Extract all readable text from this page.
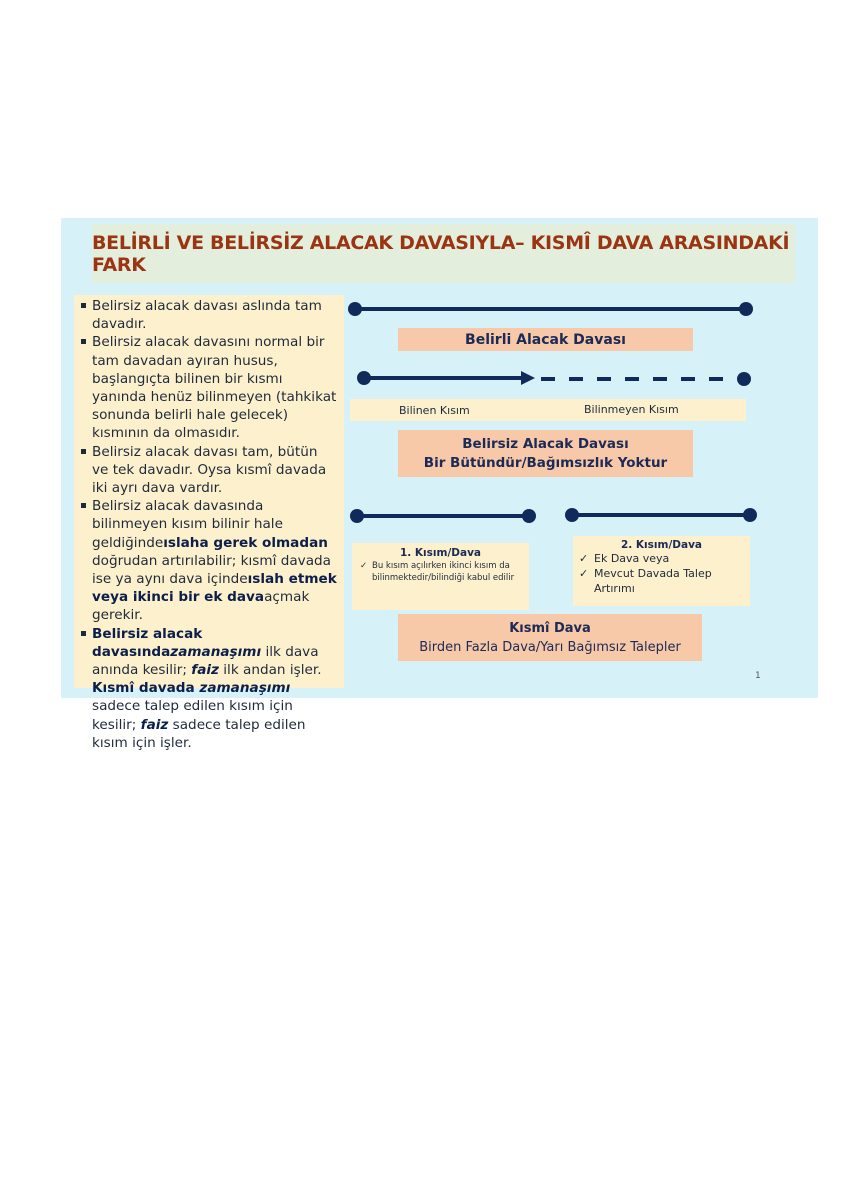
BELİRLİ VE BELİRSİZ ALACAK DAVASIYLA– KISMÎ DAVA ARASINDAKİ FARK
Belirsiz alacak davası aslında tam davadır.
Belirsiz alacak davasını normal bir tam davadan ayıran husus, başlangıçta bilinen bir kısmı yanında henüz bilinmeyen (tahkikat sonunda belirli hale gelecek) kısmının da olmasıdır.
Belirsiz alacak davası tam, bütün ve tek davadır. Oysa kısmî davada iki ayrı dava vardır.
Belirsiz alacak davasında bilinmeyen kısım bilinir hale geldiğindeıslaha gerek olmadan doğrudan artırılabilir; kısmî davada ise ya aynı dava içindeıslah etmek veya ikinci bir ek davaaçmak gerekir.
Belirsiz alacak davasındazamanaşımı ilk dava anında kesilir; faiz ilk andan işler. Kısmî davada zamanaşımı sadece talep edilen kısım için kesilir; faiz sadece talep edilen kısım için işler.
Belirli Alacak Davası
Bilinen Kısım	Bilinmeyen Kısım
Belirsiz Alacak Davası
Bir Bütündür/Bağımsızlık Yoktur
1. Kısım/Dava
✓ Bu kısım açılırken ikinci kısım da bilinmektedir/bilindiği kabul edilir
2. Kısım/Dava
✓ Ek Dava veya
✓ Mevcut Davada Talep Artırımı
Kısmî Dava
Birden Fazla Dava/Yarı Bağımsız Talepler
1
